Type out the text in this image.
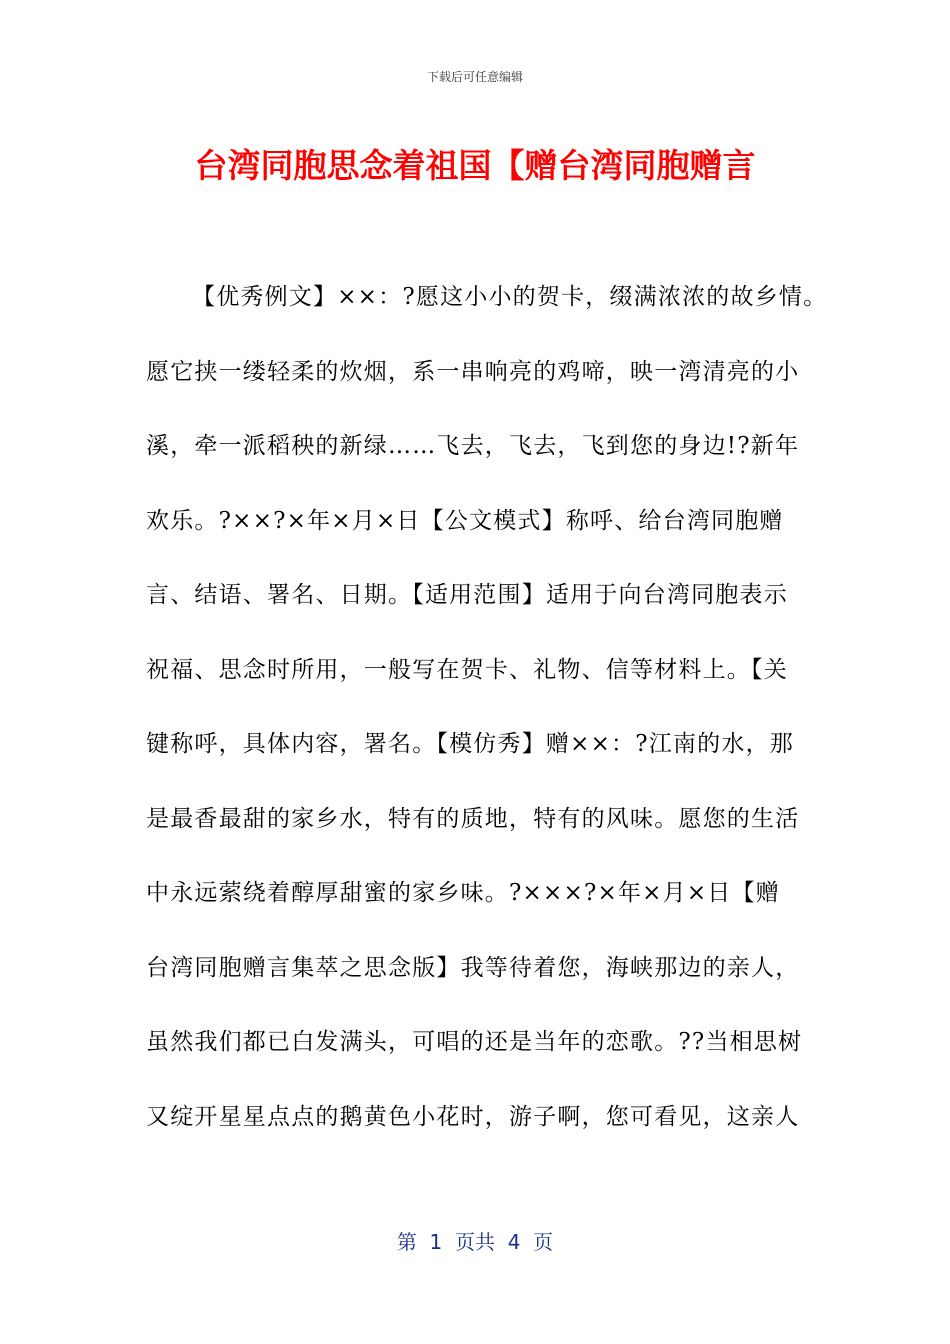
下载后可任意编辑
台湾同胞思念着祖国【赠台湾同胞赠言
【优秀例文】××：?愿这小小的贺卡，缀满浓浓的故乡情。
愿它挟一缕轻柔的炊烟，系一串响亮的鸡啼，映一湾清亮的小
溪，牵一派稻秧的新绿……飞去，飞去，飞到您的身边!?新年
欢乐。?××?×年×月×日【公文模式】称呼、给台湾同胞赠
言、结语、署名、日期。【适用范围】适用于向台湾同胞表示
祝福、思念时所用，一般写在贺卡、礼物、信等材料上。【关
键称呼，具体内容，署名。【模仿秀】赠××：?江南的水，那
是最香最甜的家乡水，特有的质地，特有的风味。愿您的生活
中永远萦绕着醇厚甜蜜的家乡味。?×××?×年×月×日【赠
台湾同胞赠言集萃之思念版】我等待着您，海峡那边的亲人，
虽然我们都已白发满头，可唱的还是当年的恋歌。??当相思树
又绽开星星点点的鹅黄色小花时，游子啊，您可看见，这亲人
第  1  页共  4  页
